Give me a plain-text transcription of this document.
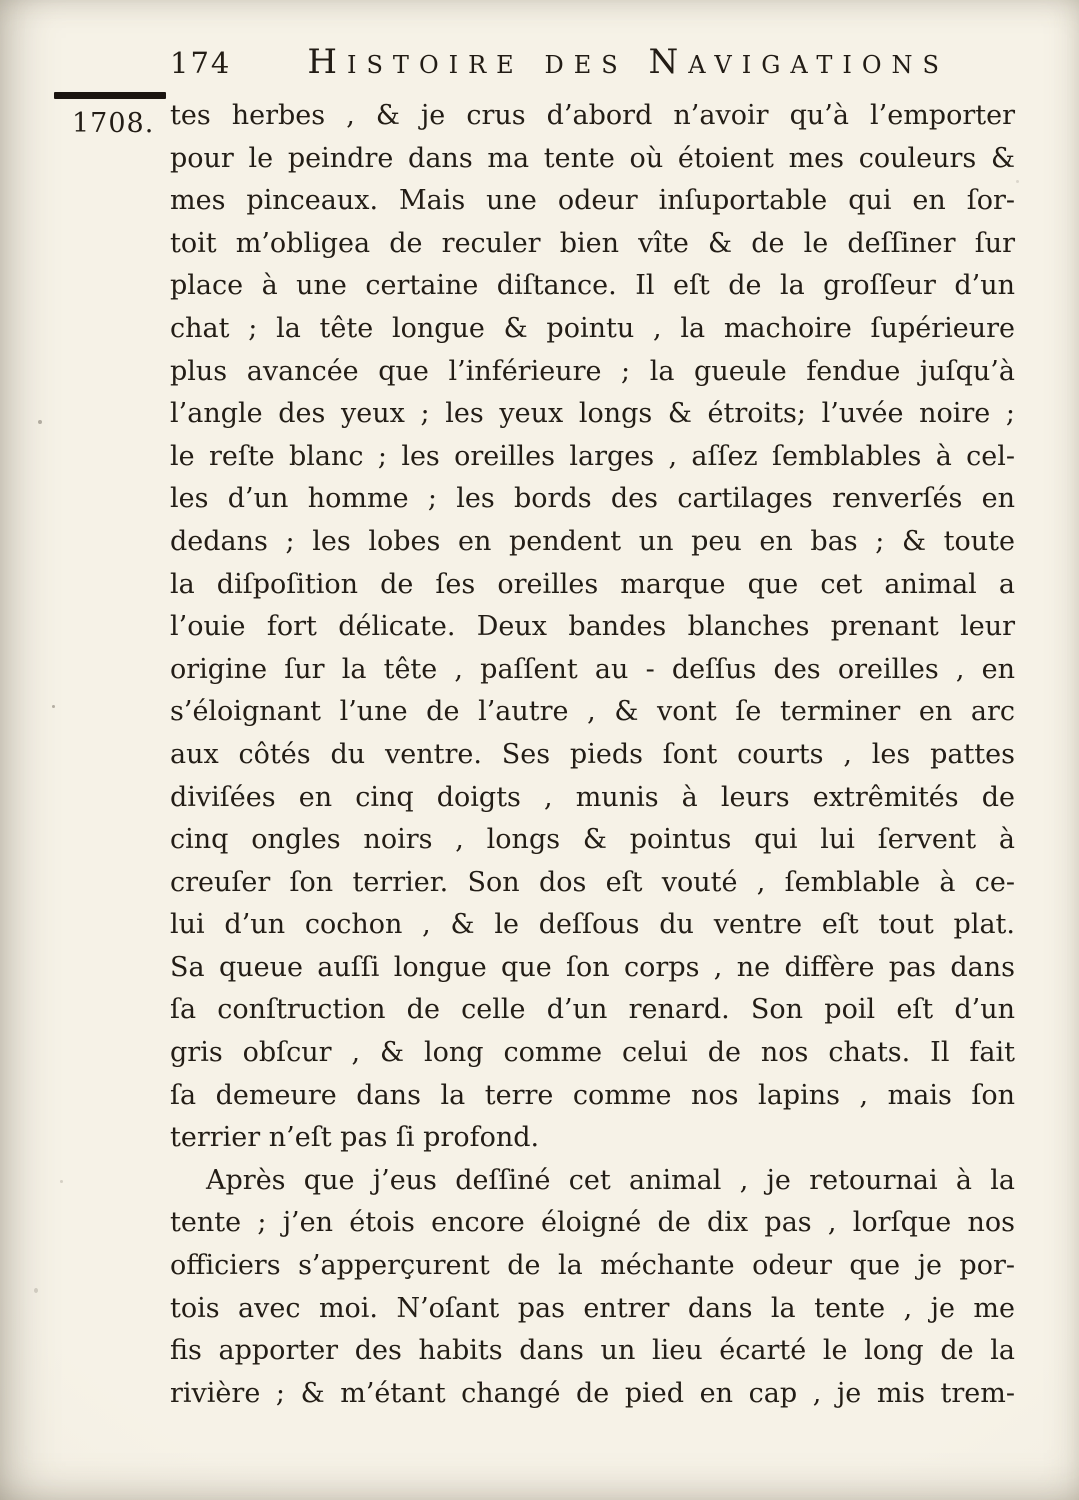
174	Histoire des Navigations
1708. tes herbes , & je crus d’abord n’avoir qu’à l’emporter
pour le peindre dans ma tente où étoient mes couleurs &
mes pinceaux. Mais une odeur inſuportable qui en ſor-
toit m’obligea de reculer bien vîte & de le deſſiner ſur
place à une certaine diſtance. Il eſt de la groſſeur d’un
chat ; la tête longue & pointu , la machoire ſupérieure
plus avancée que l’inférieure ; la gueule fendue juſqu’à
l’angle des yeux ; les yeux longs & étroits; l’uvée noire ;
le reſte blanc ; les oreilles larges , aſſez ſemblables à cel-
les d’un homme ; les bords des cartilages renverſés en
dedans ; les lobes en pendent un peu en bas ; & toute
la diſpoſition de ſes oreilles marque que cet animal a
l’ouie fort délicate. Deux bandes blanches prenant leur
origine ſur la tête , paſſent au - deſſus des oreilles , en
s’éloignant l’une de l’autre , & vont ſe terminer en arc
aux côtés du ventre. Ses pieds ſont courts , les pattes
diviſées en cinq doigts , munis à leurs extrêmités de
cinq ongles noirs , longs & pointus qui lui ſervent à
creuſer ſon terrier. Son dos eſt vouté , ſemblable à ce-
lui d’un cochon , & le deſſous du ventre eſt tout plat.
Sa queue auſſi longue que ſon corps , ne diffère pas dans
ſa conſtruction de celle d’un renard. Son poil eſt d’un
gris obſcur , & long comme celui de nos chats. Il fait
ſa demeure dans la terre comme nos lapins , mais ſon
terrier n’eſt pas ſi profond.
Après que j’eus deſſiné cet animal , je retournai à la
tente ; j’en étois encore éloigné de dix pas , lorſque nos
officiers s’apperçurent de la méchante odeur que je por-
tois avec moi. N’oſant pas entrer dans la tente , je me
fis apporter des habits dans un lieu écarté le long de la
rivière ; & m’étant changé de pied en cap , je mis trem-
